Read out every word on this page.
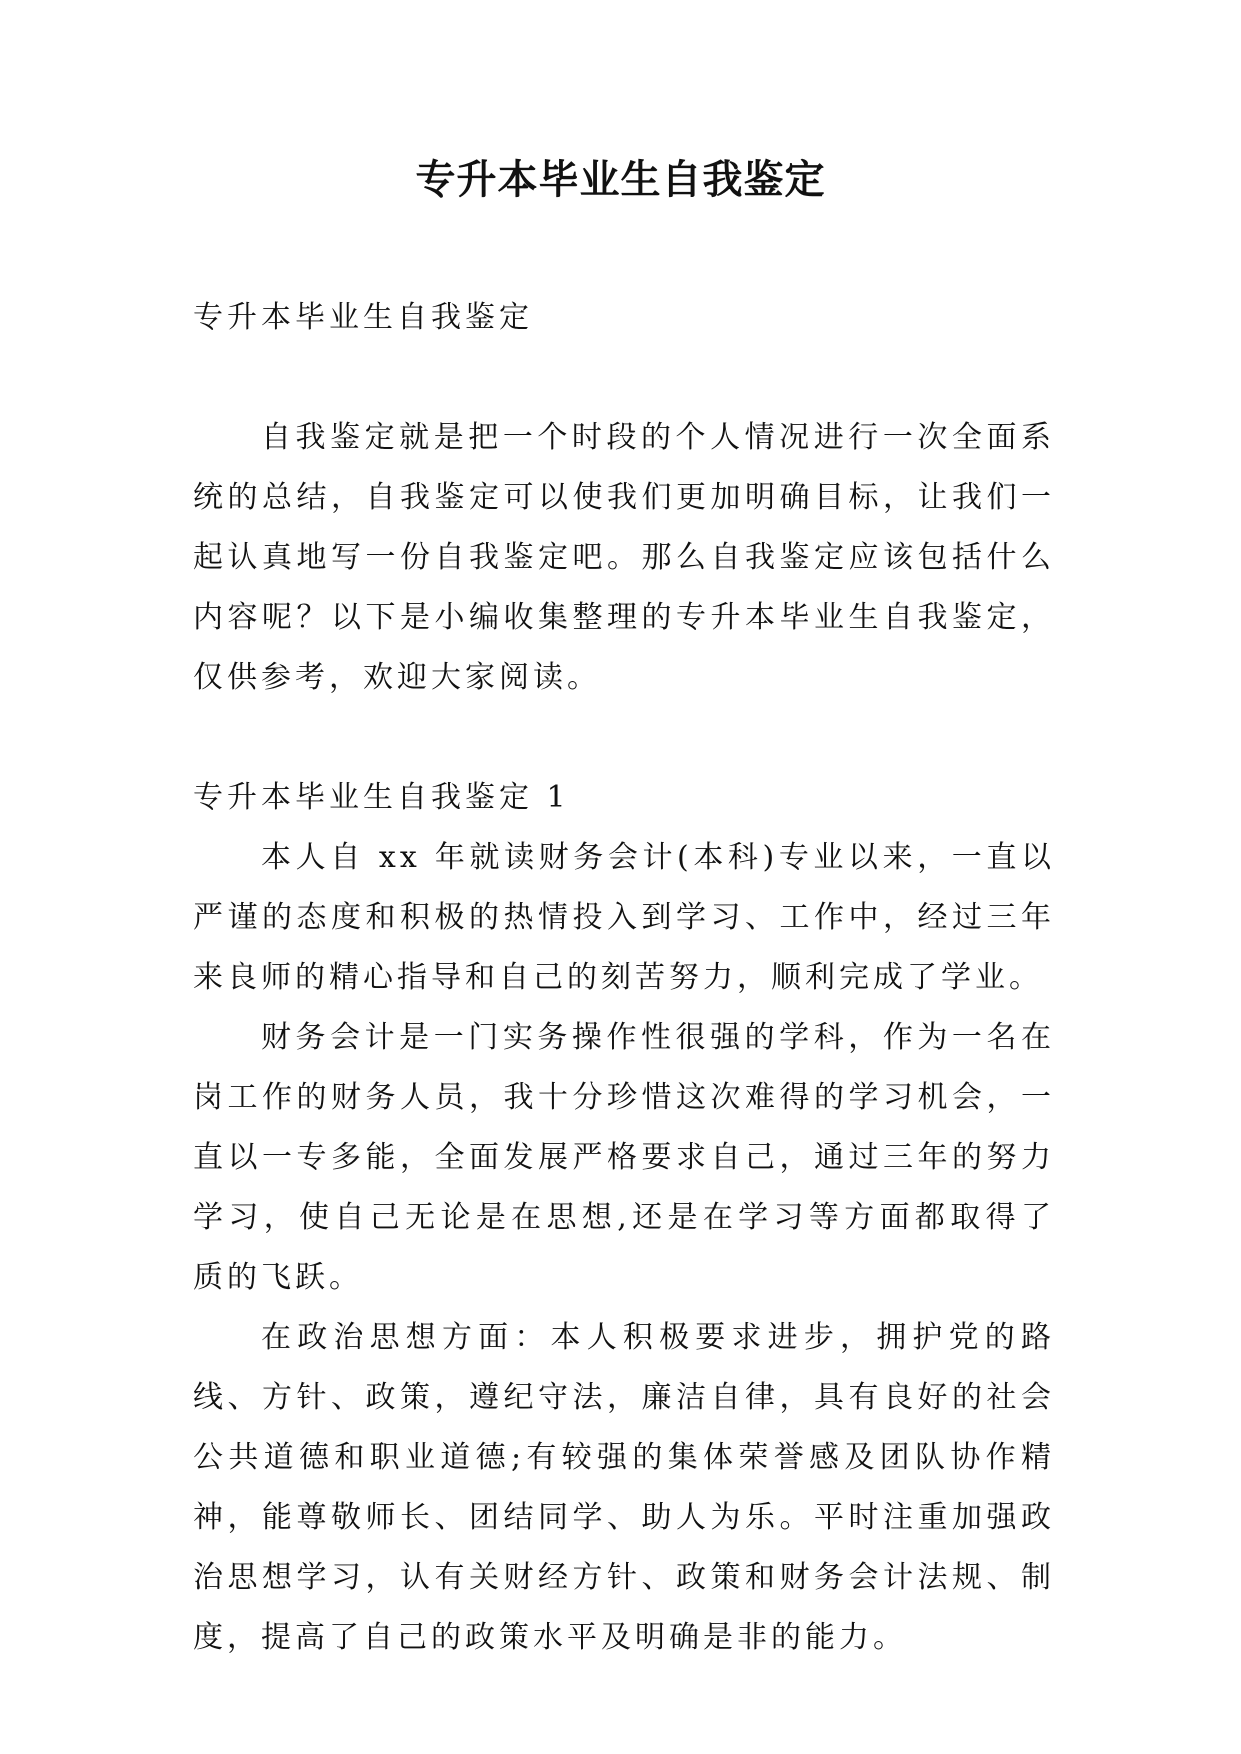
专升本毕业生自我鉴定

专升本毕业生自我鉴定

自我鉴定就是把一个时段的个人情况进行一次全面系统的总结，自我鉴定可以使我们更加明确目标，让我们一起认真地写一份自我鉴定吧。那么自我鉴定应该包括什么内容呢？以下是小编收集整理的专升本毕业生自我鉴定，仅供参考，欢迎大家阅读。

专升本毕业生自我鉴定 1

本人自 xx 年就读财务会计(本科)专业以来，一直以严谨的态度和积极的热情投入到学习、工作中，经过三年来良师的精心指导和自己的刻苦努力，顺利完成了学业。

财务会计是一门实务操作性很强的学科，作为一名在岗工作的财务人员，我十分珍惜这次难得的学习机会，一直以一专多能，全面发展严格要求自己，通过三年的努力学习，使自己无论是在思想,还是在学习等方面都取得了质的飞跃。

在政治思想方面：本人积极要求进步，拥护党的路线、方针、政策，遵纪守法，廉洁自律，具有良好的社会公共道德和职业道德;有较强的集体荣誉感及团队协作精神，能尊敬师长、团结同学、助人为乐。平时注重加强政治思想学习，认有关财经方针、政策和财务会计法规、制度，提高了自己的政策水平及明确是非的能力。
